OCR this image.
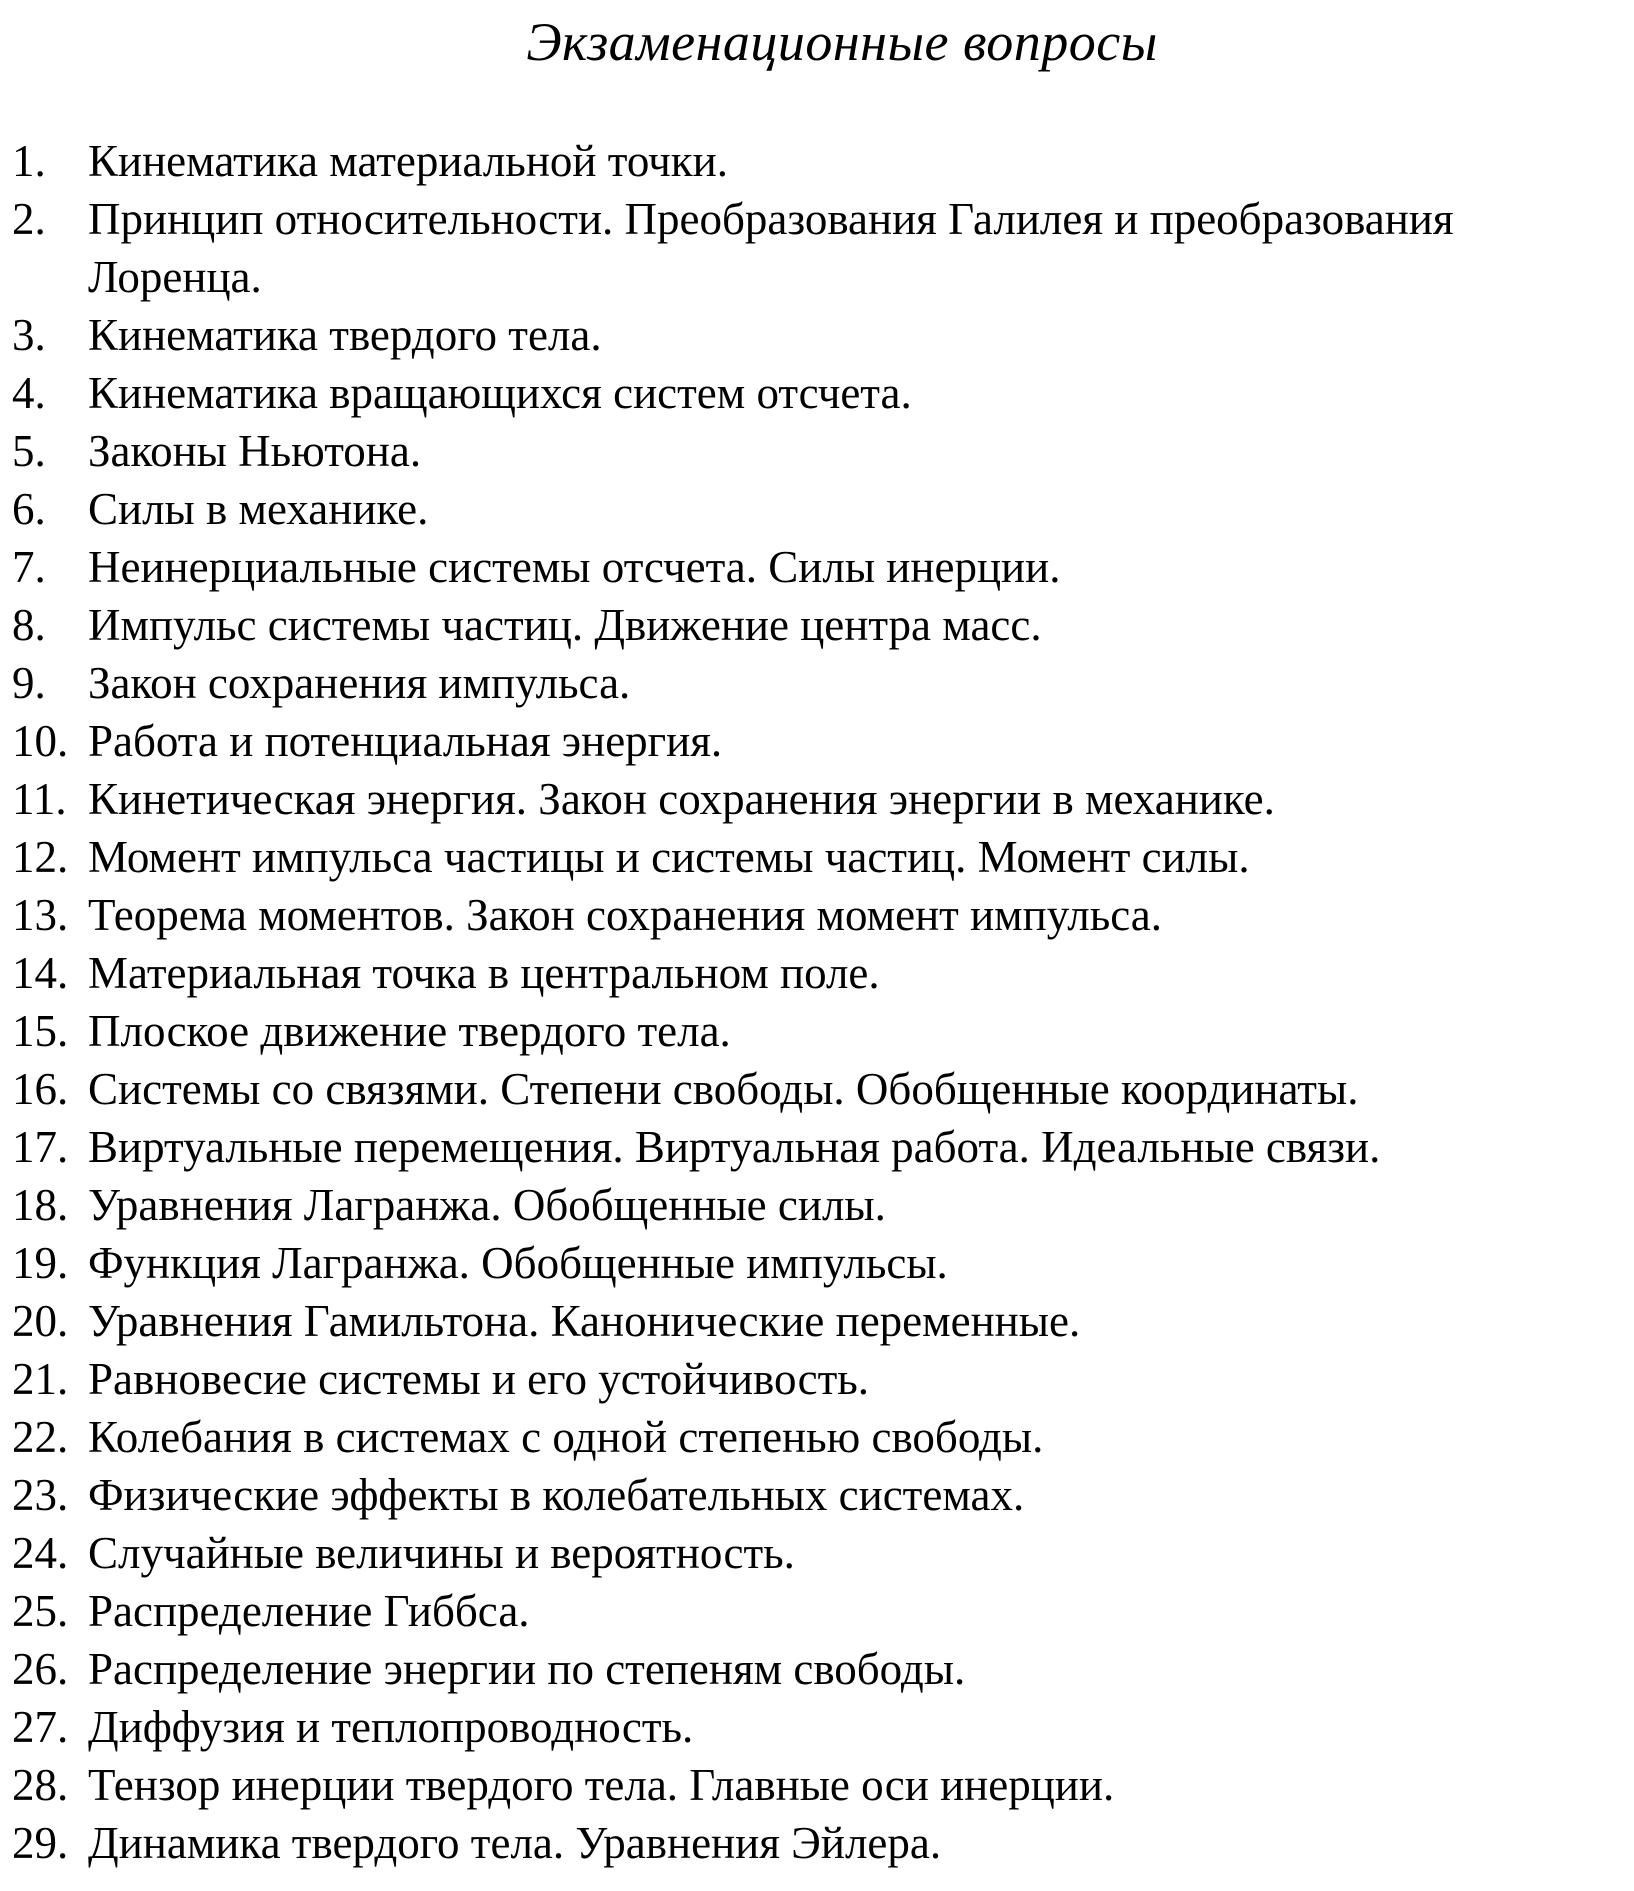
Экзаменационные вопросы
1. Кинематика материальной точки.
2. Принцип относительности. Преобразования Галилея и преобразования Лоренца.
3. Кинематика твердого тела.
4. Кинематика вращающихся систем отсчета.
5. Законы Ньютона.
6. Силы в механике.
7. Неинерциальные системы отсчета. Силы инерции.
8. Импульс системы частиц. Движение центра масс.
9. Закон сохранения импульса.
10. Работа и потенциальная энергия.
11. Кинетическая энергия. Закон сохранения энергии в механике.
12. Момент импульса частицы и системы частиц. Момент силы.
13. Теорема моментов. Закон сохранения момент импульса.
14. Материальная точка в центральном поле.
15. Плоское движение твердого тела.
16. Системы со связями. Степени свободы. Обобщенные координаты.
17. Виртуальные перемещения. Виртуальная работа. Идеальные связи.
18. Уравнения Лагранжа. Обобщенные силы.
19. Функция Лагранжа. Обобщенные импульсы.
20. Уравнения Гамильтона. Канонические переменные.
21. Равновесие системы и его устойчивость.
22. Колебания в системах с одной степенью свободы.
23. Физические эффекты в колебательных системах.
24. Случайные величины и вероятность.
25. Распределение Гиббса.
26. Распределение энергии по степеням свободы.
27. Диффузия и теплопроводность.
28. Тензор инерции твердого тела. Главные оси инерции.
29. Динамика твердого тела. Уравнения Эйлера.
